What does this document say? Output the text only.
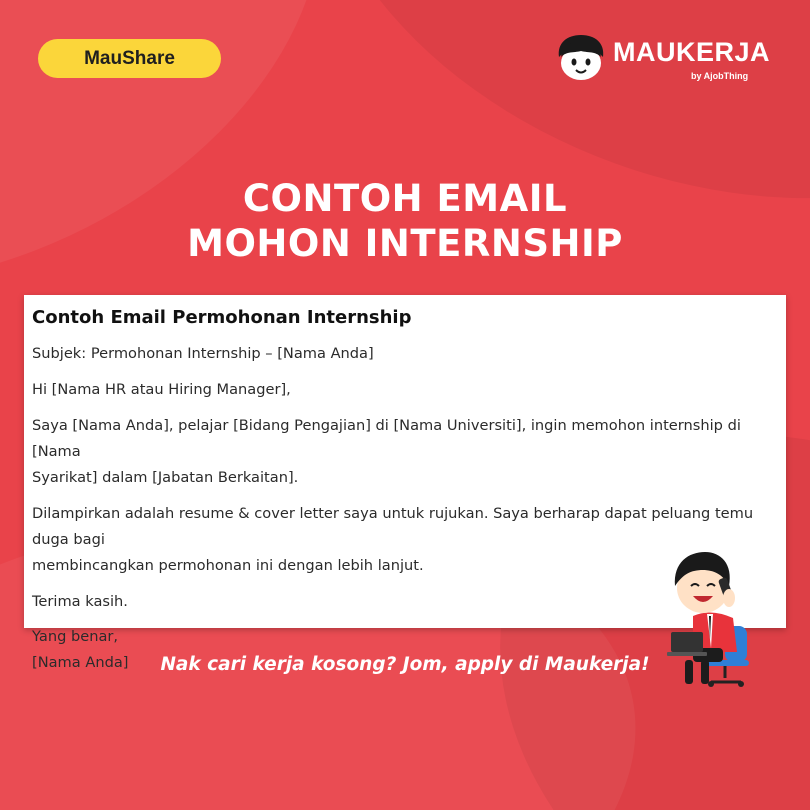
MauShare	MAUKERJA
by AjobThing
CONTOH EMAIL
MOHON INTERNSHIP
Contoh Email Permohonan Internship

Subjek: Permohonan Internship – [Nama Anda]

Hi [Nama HR atau Hiring Manager],

Saya [Nama Anda], pelajar [Bidang Pengajian] di [Nama Universiti], ingin memohon internship di [Nama

Syarikat] dalam [Jabatan Berkaitan].

Dilampirkan adalah resume & cover letter saya untuk rujukan. Saya berharap dapat peluang temu duga bagi

membincangkan permohonan ini dengan lebih lanjut.

Terima kasih.

Yang benar,

[Nama Anda]	Nak cari kerja kosong? Jom, apply di Maukerja!
